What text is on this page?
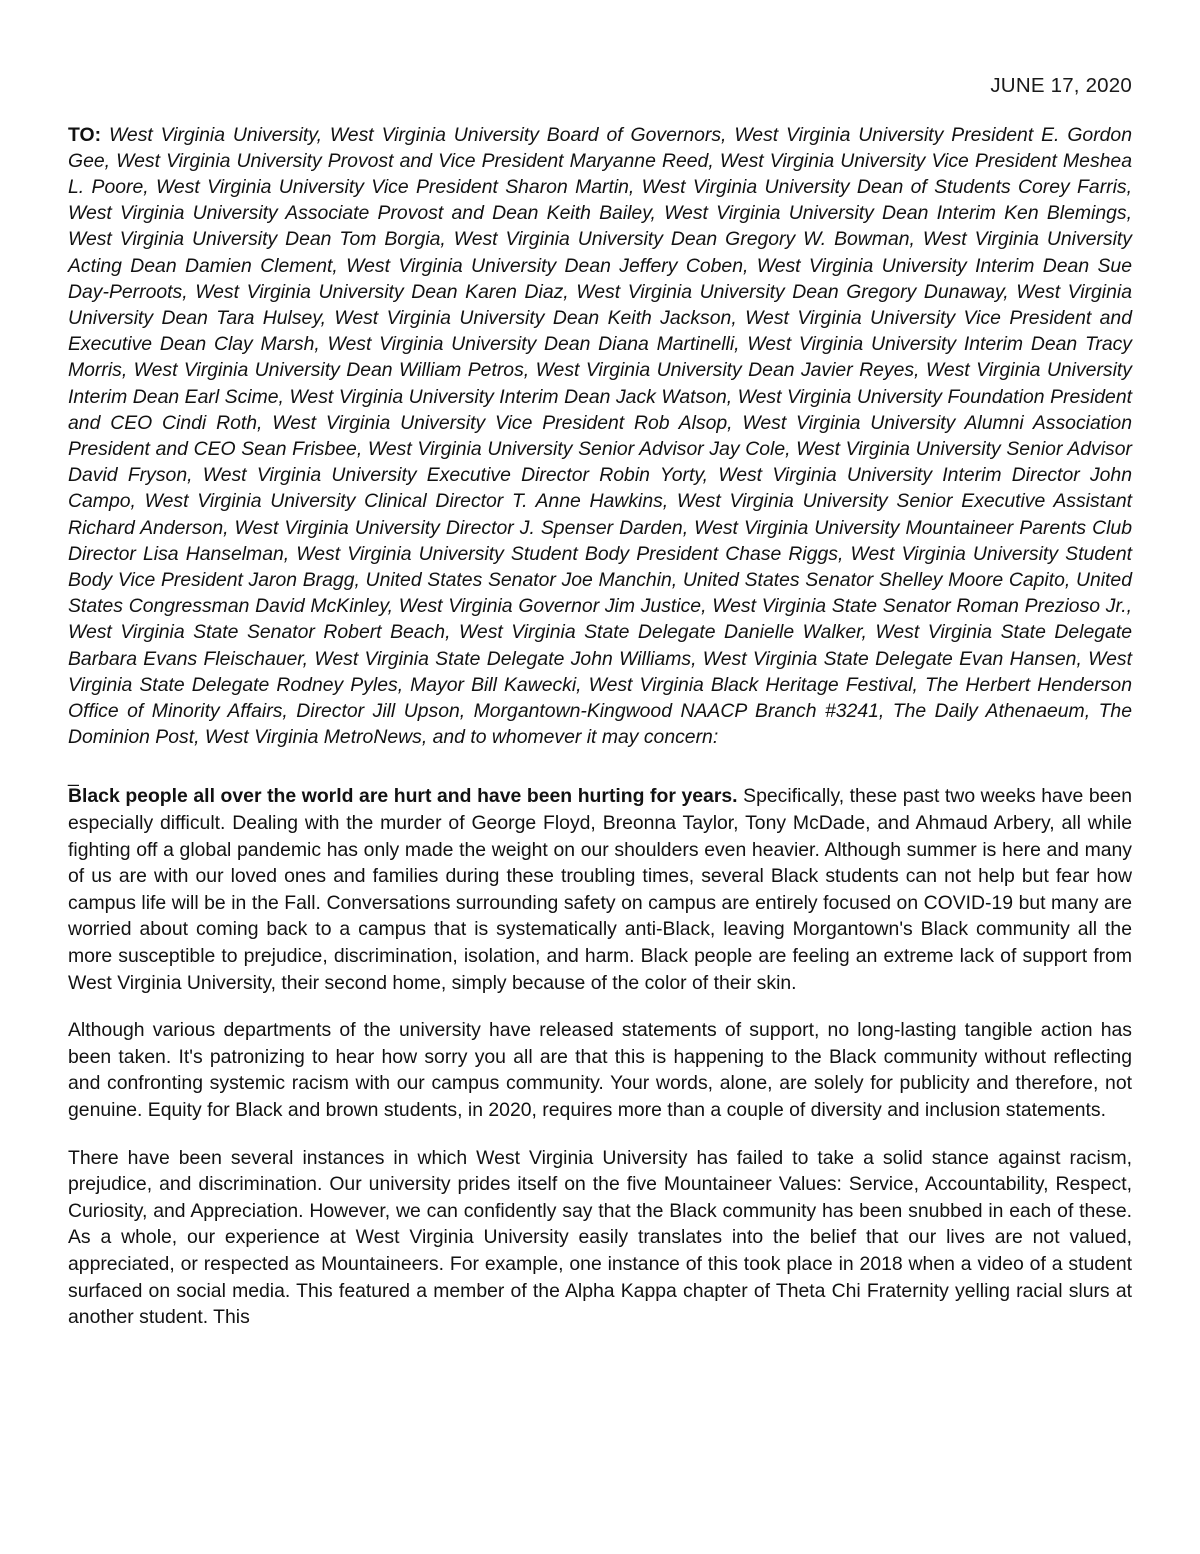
JUNE 17, 2020
TO: West Virginia University, West Virginia University Board of Governors, West Virginia University President E. Gordon Gee, West Virginia University Provost and Vice President Maryanne Reed, West Virginia University Vice President Meshea L. Poore, West Virginia University Vice President Sharon Martin, West Virginia University Dean of Students Corey Farris, West Virginia University Associate Provost and Dean Keith Bailey, West Virginia University Dean Interim Ken Blemings, West Virginia University Dean Tom Borgia, West Virginia University Dean Gregory W. Bowman, West Virginia University Acting Dean Damien Clement, West Virginia University Dean Jeffery Coben, West Virginia University Interim Dean Sue Day-Perroots, West Virginia University Dean Karen Diaz, West Virginia University Dean Gregory Dunaway, West Virginia University Dean Tara Hulsey, West Virginia University Dean Keith Jackson, West Virginia University Vice President and Executive Dean Clay Marsh, West Virginia University Dean Diana Martinelli, West Virginia University Interim Dean Tracy Morris, West Virginia University Dean William Petros, West Virginia University Dean Javier Reyes, West Virginia University Interim Dean Earl Scime, West Virginia University Interim Dean Jack Watson, West Virginia University Foundation President and CEO Cindi Roth, West Virginia University Vice President Rob Alsop, West Virginia University Alumni Association President and CEO Sean Frisbee, West Virginia University Senior Advisor Jay Cole, West Virginia University Senior Advisor David Fryson, West Virginia University Executive Director Robin Yorty, West Virginia University Interim Director John Campo, West Virginia University Clinical Director T. Anne Hawkins, West Virginia University Senior Executive Assistant Richard Anderson, West Virginia University Director J. Spenser Darden, West Virginia University Mountaineer Parents Club Director Lisa Hanselman, West Virginia University Student Body President Chase Riggs, West Virginia University Student Body Vice President Jaron Bragg, United States Senator Joe Manchin, United States Senator Shelley Moore Capito, United States Congressman David McKinley, West Virginia Governor Jim Justice, West Virginia State Senator Roman Prezioso Jr., West Virginia State Senator Robert Beach, West Virginia State Delegate Danielle Walker, West Virginia State Delegate Barbara Evans Fleischauer, West Virginia State Delegate John Williams, West Virginia State Delegate Evan Hansen, West Virginia State Delegate Rodney Pyles, Mayor Bill Kawecki, West Virginia Black Heritage Festival, The Herbert Henderson Office of Minority Affairs, Director Jill Upson, Morgantown-Kingwood NAACP Branch #3241, The Daily Athenaeum, The Dominion Post, West Virginia MetroNews, and to whomever it may concern:
_

Black people all over the world are hurt and have been hurting for years. Specifically, these past two weeks have been especially difficult. Dealing with the murder of George Floyd, Breonna Taylor, Tony McDade, and Ahmaud Arbery, all while fighting off a global pandemic has only made the weight on our shoulders even heavier. Although summer is here and many of us are with our loved ones and families during these troubling times, several Black students can not help but fear how campus life will be in the Fall. Conversations surrounding safety on campus are entirely focused on COVID-19 but many are worried about coming back to a campus that is systematically anti-Black, leaving Morgantown's Black community all the more susceptible to prejudice, discrimination, isolation, and harm. Black people are feeling an extreme lack of support from West Virginia University, their second home, simply because of the color of their skin.

Although various departments of the university have released statements of support, no long-lasting tangible action has been taken. It's patronizing to hear how sorry you all are that this is happening to the Black community without reflecting and confronting systemic racism with our campus community. Your words, alone, are solely for publicity and therefore, not genuine. Equity for Black and brown students, in 2020, requires more than a couple of diversity and inclusion statements.

There have been several instances in which West Virginia University has failed to take a solid stance against racism, prejudice, and discrimination. Our university prides itself on the five Mountaineer Values: Service, Accountability, Respect, Curiosity, and Appreciation. However, we can confidently say that the Black community has been snubbed in each of these. As a whole, our experience at West Virginia University easily translates into the belief that our lives are not valued, appreciated, or respected as Mountaineers. For example, one instance of this took place in 2018 when a video of a student surfaced on social media. This featured a member of the Alpha Kappa chapter of Theta Chi Fraternity yelling racial slurs at another student. This
